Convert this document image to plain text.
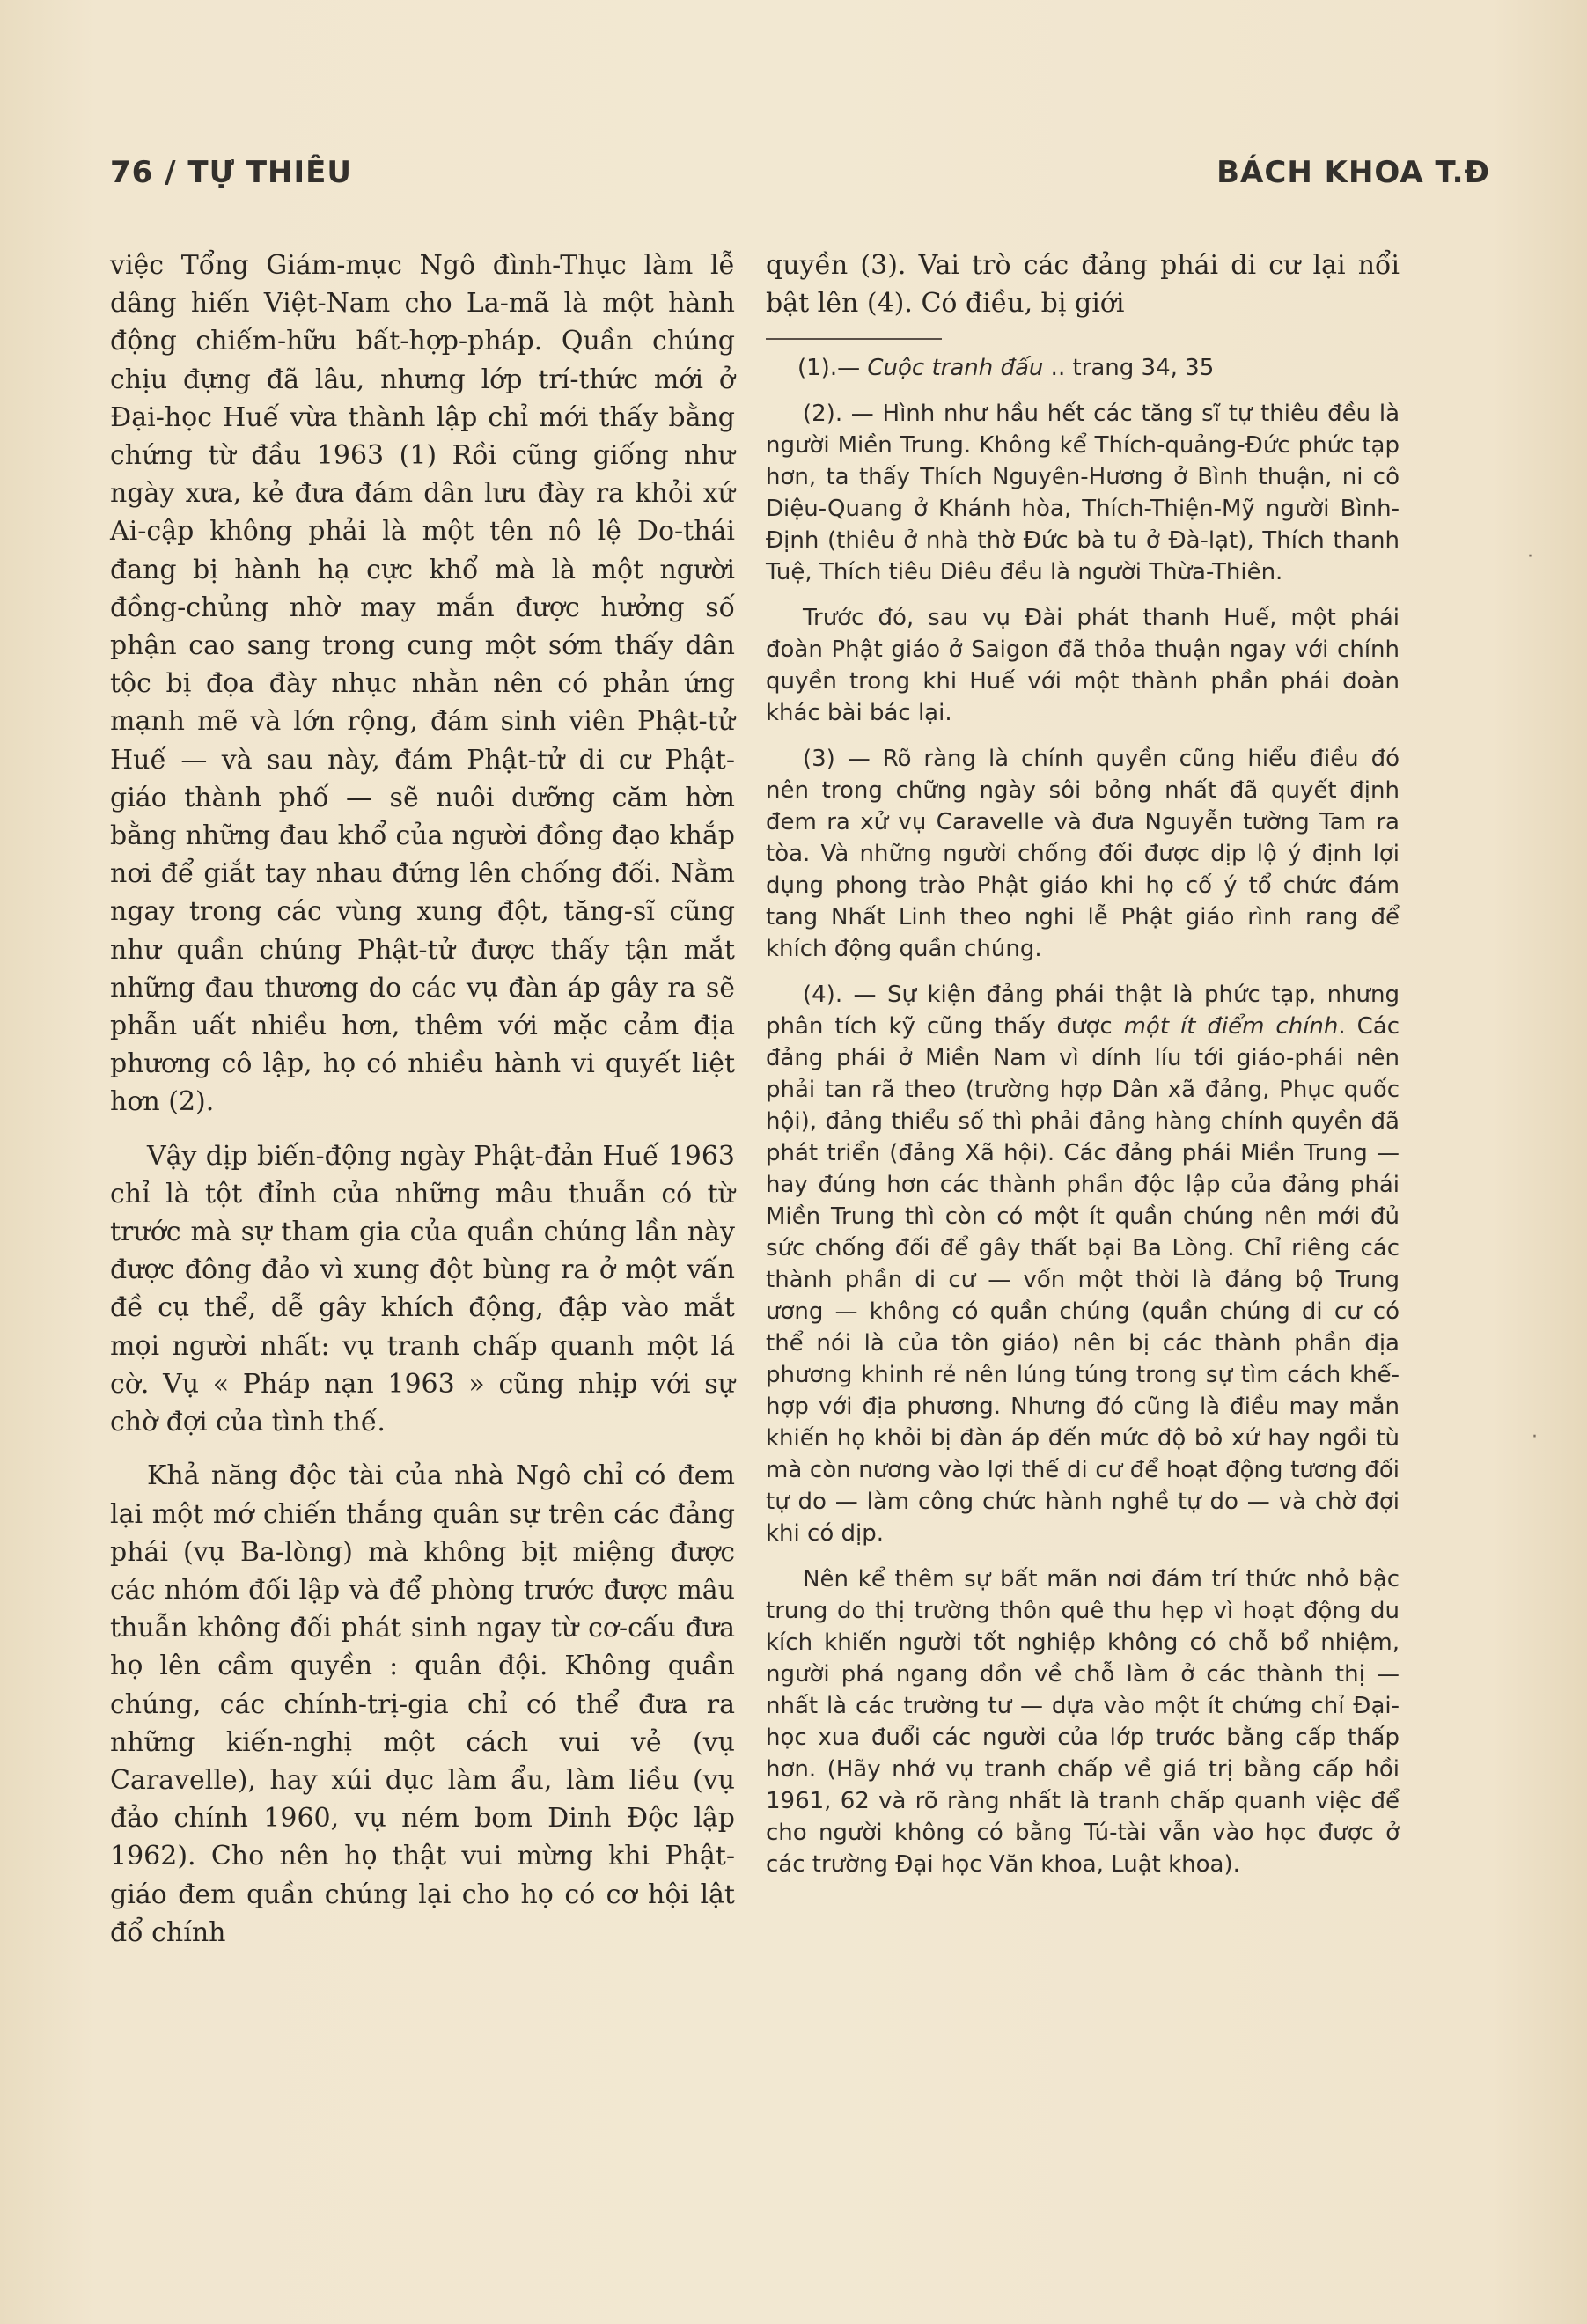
76 / TỰ THIÊU	BÁCH KHOA T.Đ

việc Tổng Giám-mục Ngô đình-Thục làm lễ dâng hiến Việt-Nam cho La-mã là một hành động chiếm-hữu bất-hợp-pháp. Quần chúng chịu đựng đã lâu, nhưng lớp trí-thức mới ở Đại-học Huế vừa thành lập chỉ mới thấy bằng chứng từ đầu 1963 (1) Rồi cũng giống như ngày xưa, kẻ đưa đám dân lưu đày ra khỏi xứ Ai-cập không phải là một tên nô lệ Do-thái đang bị hành hạ cực khổ mà là một người đồng-chủng nhờ may mắn được hưởng số phận cao sang trong cung một sớm thấy dân tộc bị đọa đày nhục nhằn nên có phản ứng mạnh mẽ và lớn rộng, đám sinh viên Phật-tử Huế — và sau này, đám Phật-tử di cư Phật-giáo thành phố — sẽ nuôi dưỡng căm hờn bằng những đau khổ của người đồng đạo khắp nơi để giắt tay nhau đứng lên chống đối. Nằm ngay trong các vùng xung đột, tăng-sĩ cũng như quần chúng Phật-tử được thấy tận mắt những đau thương do các vụ đàn áp gây ra sẽ phẫn uất nhiều hơn, thêm với mặc cảm địa phương cô lập, họ có nhiều hành vi quyết liệt hơn (2).

Vậy dịp biến-động ngày Phật-đản Huế 1963 chỉ là tột đỉnh của những mâu thuẫn có từ trước mà sự tham gia của quần chúng lần này được đông đảo vì xung đột bùng ra ở một vấn đề cụ thể, dễ gây khích động, đập vào mắt mọi người nhất: vụ tranh chấp quanh một lá cờ. Vụ « Pháp nạn 1963 » cũng nhịp với sự chờ đợi của tình thế.

Khả năng độc tài của nhà Ngô chỉ có đem lại một mớ chiến thắng quân sự trên các đảng phái (vụ Ba-lòng) mà không bịt miệng được các nhóm đối lập và để phòng trước được mâu thuẫn không đối phát sinh ngay từ cơ-cấu đưa họ lên cầm quyền : quân đội. Không quần chúng, các chính-trị-gia chỉ có thể đưa ra những kiến-nghị một cách vui vẻ (vụ Caravelle), hay xúi dục làm ẩu, làm liều (vụ đảo chính 1960, vụ ném bom Dinh Độc lập 1962). Cho nên họ thật vui mừng khi Phật-giáo đem quần chúng lại cho họ có cơ hội lật đổ chính

quyền (3). Vai trò các đảng phái di cư lại nổi bật lên (4). Có điều, bị giới

(1).— Cuộc tranh đấu .. trang 34, 35

(2). — Hình như hầu hết các tăng sĩ tự thiêu đều là người Miền Trung. Không kể Thích-quảng-Đức phức tạp hơn, ta thấy Thích Nguyên-Hương ở Bình thuận, ni cô Diệu-Quang ở Khánh hòa, Thích-Thiện-Mỹ người Bình-Định (thiêu ở nhà thờ Đức bà tu ở Đà-lạt), Thích thanh Tuệ, Thích tiêu Diêu đều là người Thừa-Thiên.

Trước đó, sau vụ Đài phát thanh Huế, một phái đoàn Phật giáo ở Saigon đã thỏa thuận ngay với chính quyền trong khi Huế với một thành phần phái đoàn khác bài bác lại.

(3) — Rõ ràng là chính quyền cũng hiểu điều đó nên trong chững ngày sôi bỏng nhất đã quyết định đem ra xử vụ Caravelle và đưa Nguyễn tường Tam ra tòa. Và những người chống đối được dịp lộ ý định lợi dụng phong trào Phật giáo khi họ cố ý tổ chức đám tang Nhất Linh theo nghi lễ Phật giáo rình rang để khích động quần chúng.

(4). — Sự kiện đảng phái thật là phức tạp, nhưng phân tích kỹ cũng thấy được một ít điểm chính. Các đảng phái ở Miền Nam vì dính líu tới giáo-phái nên phải tan rã theo (trường hợp Dân xã đảng, Phục quốc hội), đảng thiểu số thì phải đảng hàng chính quyền đã phát triển (đảng Xã hội). Các đảng phái Miền Trung — hay đúng hơn các thành phần độc lập của đảng phái Miền Trung thì còn có một ít quần chúng nên mới đủ sức chống đối để gây thất bại Ba Lòng. Chỉ riêng các thành phần di cư — vốn một thời là đảng bộ Trung ương — không có quần chúng (quần chúng di cư có thể nói là của tôn giáo) nên bị các thành phần địa phương khinh rẻ nên lúng túng trong sự tìm cách khế-hợp với địa phương. Nhưng đó cũng là điều may mắn khiến họ khỏi bị đàn áp đến mức độ bỏ xứ hay ngồi tù mà còn nương vào lợi thế di cư để hoạt động tương đối tự do — làm công chức hành nghề tự do — và chờ đợi khi có dịp.

Nên kể thêm sự bất mãn nơi đám trí thức nhỏ bậc trung do thị trường thôn quê thu hẹp vì hoạt động du kích khiến người tốt nghiệp không có chỗ bổ nhiệm, người phá ngang dồn về chỗ làm ở các thành thị — nhất là các trường tư — dựa vào một ít chứng chỉ Đại-học xua đuổi các người của lớp trước bằng cấp thấp hơn. (Hãy nhớ vụ tranh chấp về giá trị bằng cấp hồi 1961, 62 và rõ ràng nhất là tranh chấp quanh việc để cho người không có bằng Tú-tài vẫn vào học được ở các trường Đại học Văn khoa, Luật khoa).

·
·
